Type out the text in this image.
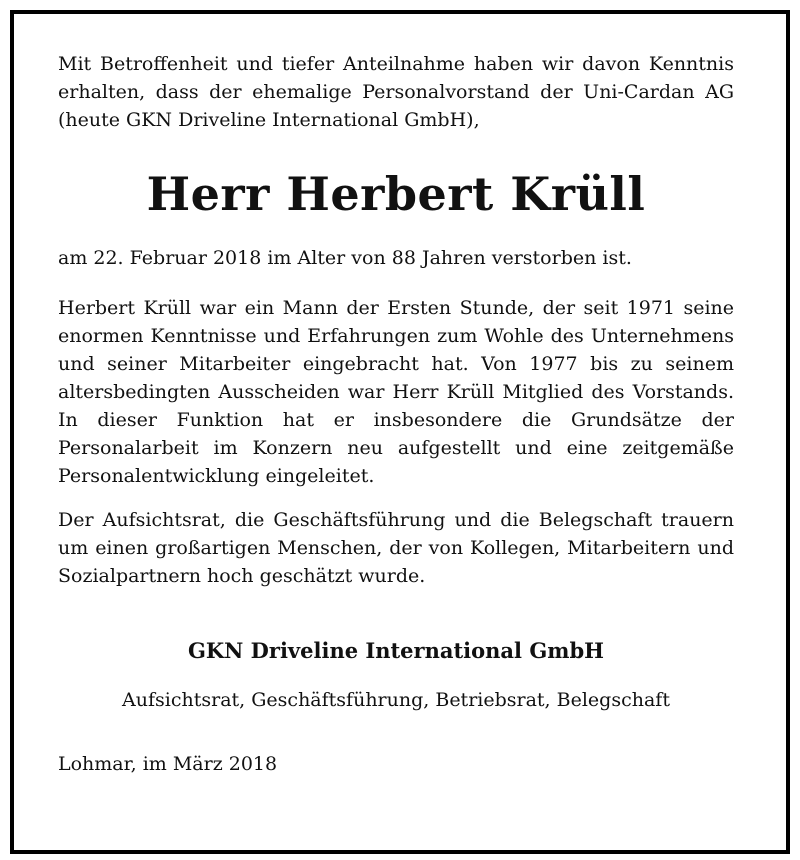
Mit Betroffenheit und tiefer Anteilnahme haben wir davon Kenntnis erhalten, dass der ehemalige Personalvorstand der Uni-Cardan AG (heute GKN Driveline International GmbH),

Herr Herbert Krüll

am 22. Februar 2018 im Alter von 88 Jahren verstorben ist.

Herbert Krüll war ein Mann der Ersten Stunde, der seit 1971 seine enormen Kenntnisse und Erfahrungen zum Wohle des Unternehmens und seiner Mitarbeiter eingebracht hat. Von 1977 bis zu seinem altersbedingten Ausscheiden war Herr Krüll Mitglied des Vorstands. In dieser Funktion hat er insbesondere die Grundsätze der Personalarbeit im Konzern neu aufgestellt und eine zeitgemäße Personalentwicklung eingeleitet.

Der Aufsichtsrat, die Geschäftsführung und die Belegschaft trauern um einen großartigen Menschen, der von Kollegen, Mitarbeitern und Sozialpartnern hoch geschätzt wurde.

GKN Driveline International GmbH

Aufsichtsrat, Geschäftsführung, Betriebsrat, Belegschaft

Lohmar, im März 2018
